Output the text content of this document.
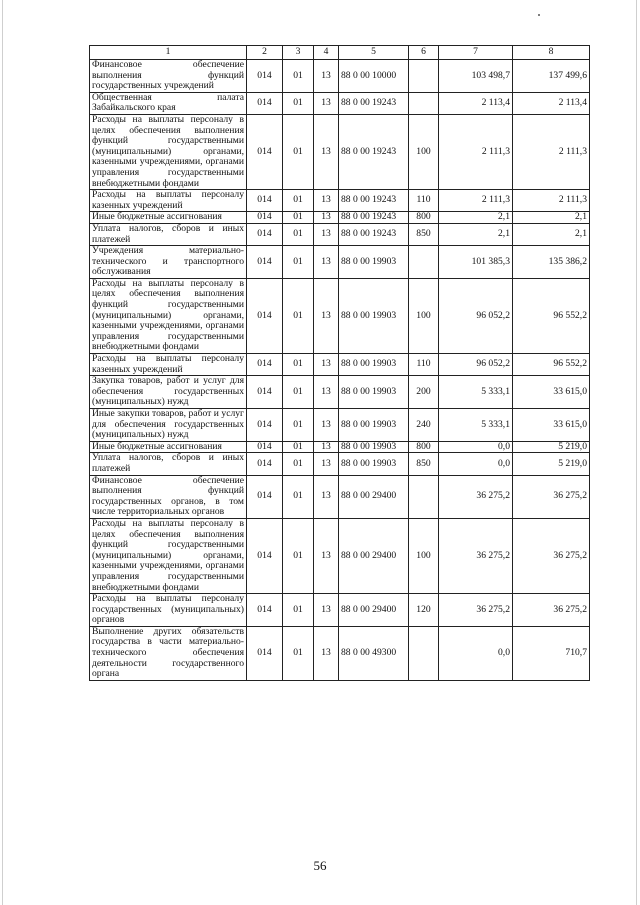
1	2	3	4	5	6	7	8
Финансовое обеспечение выполнения функций государственных учреждений	014	01	13	88 0 00 10000		103 498,7	137 499,6
Общественная палата Забайкальского края	014	01	13	88 0 00 19243		2 113,4	2 113,4
Расходы на выплаты персоналу в целях обеспечения выполнения функций государственными (муниципальными) органами, казенными учреждениями, органами управления государственными внебюджетными фондами	014	01	13	88 0 00 19243	100	2 111,3	2 111,3
Расходы на выплаты персоналу казенных учреждений	014	01	13	88 0 00 19243	110	2 111,3	2 111,3
Иные бюджетные ассигнования	014	01	13	88 0 00 19243	800	2,1	2,1
Уплата налогов, сборов и иных платежей	014	01	13	88 0 00 19243	850	2,1	2,1
Учреждения материально-технического и транспортного обслуживания	014	01	13	88 0 00 19903		101 385,3	135 386,2
Расходы на выплаты персоналу в целях обеспечения выполнения функций государственными (муниципальными) органами, казенными учреждениями, органами управления государственными внебюджетными фондами	014	01	13	88 0 00 19903	100	96 052,2	96 552,2
Расходы на выплаты персоналу казенных учреждений	014	01	13	88 0 00 19903	110	96 052,2	96 552,2
Закупка товаров, работ и услуг для обеспечения государственных (муниципальных) нужд	014	01	13	88 0 00 19903	200	5 333,1	33 615,0
Иные закупки товаров, работ и услуг для обеспечения государственных (муниципальных) нужд	014	01	13	88 0 00 19903	240	5 333,1	33 615,0
Иные бюджетные ассигнования	014	01	13	88 0 00 19903	800	0,0	5 219,0
Уплата налогов, сборов и иных платежей	014	01	13	88 0 00 19903	850	0,0	5 219,0
Финансовое обеспечение выполнения функций государственных органов, в том числе территориальных органов	014	01	13	88 0 00 29400		36 275,2	36 275,2
Расходы на выплаты персоналу в целях обеспечения выполнения функций государственными (муниципальными) органами, казенными учреждениями, органами управления государственными внебюджетными фондами	014	01	13	88 0 00 29400	100	36 275,2	36 275,2
Расходы на выплаты персоналу государственных (муниципальных) органов	014	01	13	88 0 00 29400	120	36 275,2	36 275,2
Выполнение других обязательств государства в части материально-технического обеспечения деятельности государственного органа	014	01	13	88 0 00 49300		0,0	710,7
56
